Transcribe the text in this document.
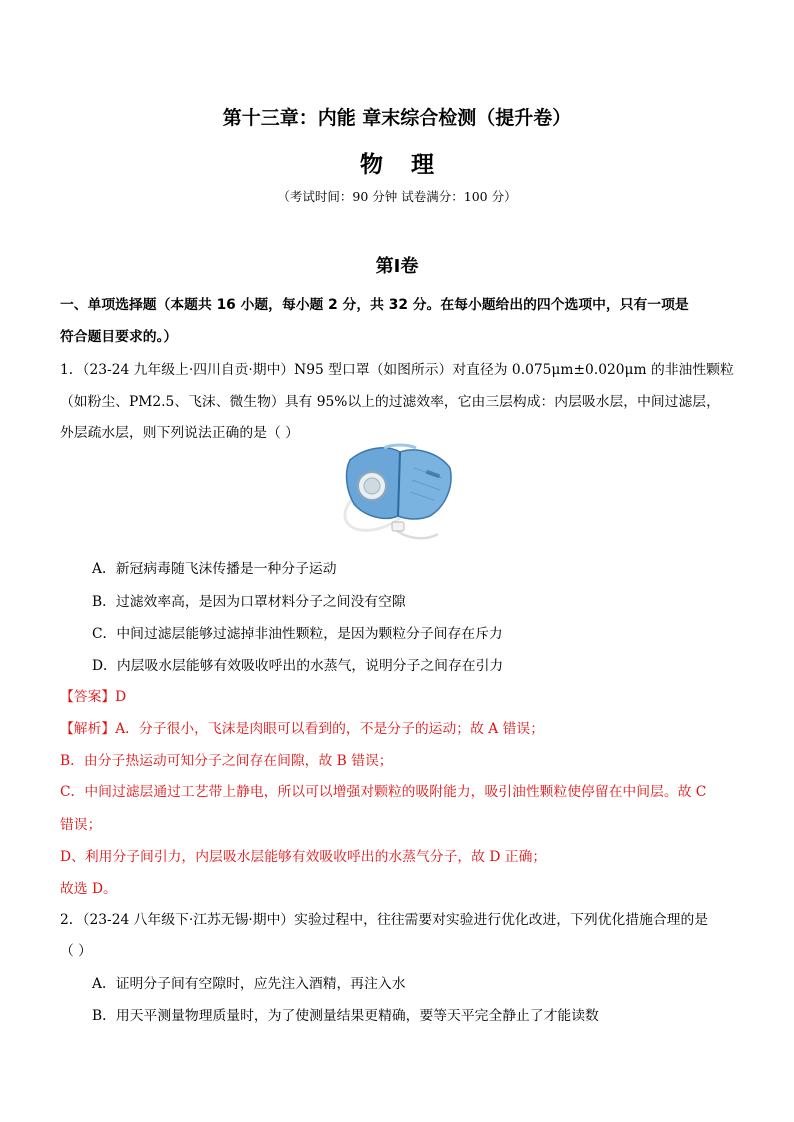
第十三章：内能 章末综合检测（提升卷）
物理
（考试时间：90 分钟 试卷满分：100 分）
第I卷
一、单项选择题（本题共 16 小题，每小题 2 分，共 32 分。在每小题给出的四个选项中，只有一项是
符合题目要求的。）
1．（23-24 九年级上·四川自贡·期中）N95 型口罩（如图所示）对直径为 0.075μm±0.020μm 的非油性颗粒
（如粉尘、PM2.5、飞沫、微生物）具有 95%以上的过滤效率，它由三层构成：内层吸水层，中间过滤层，
外层疏水层，则下列说法正确的是（ ）
A．新冠病毒随飞沫传播是一种分子运动
B．过滤效率高，是因为口罩材料分子之间没有空隙
C．中间过滤层能够过滤掉非油性颗粒，是因为颗粒分子间存在斥力
D．内层吸水层能够有效吸收呼出的水蒸气，说明分子之间存在引力
【答案】D
【解析】A．分子很小，飞沫是肉眼可以看到的，不是分子的运动；故 A 错误；
B．由分子热运动可知分子之间存在间隙，故 B 错误；
C．中间过滤层通过工艺带上静电，所以可以增强对颗粒的吸附能力，吸引油性颗粒使停留在中间层。故 C
错误；
D、利用分子间引力，内层吸水层能够有效吸收呼出的水蒸气分子，故 D 正确；
故选 D。
2．（23-24 八年级下·江苏无锡·期中）实验过程中，往往需要对实验进行优化改进，下列优化措施合理的是
（ ）
A．证明分子间有空隙时，应先注入酒精，再注入水
B．用天平测量物理质量时，为了使测量结果更精确，要等天平完全静止了才能读数
